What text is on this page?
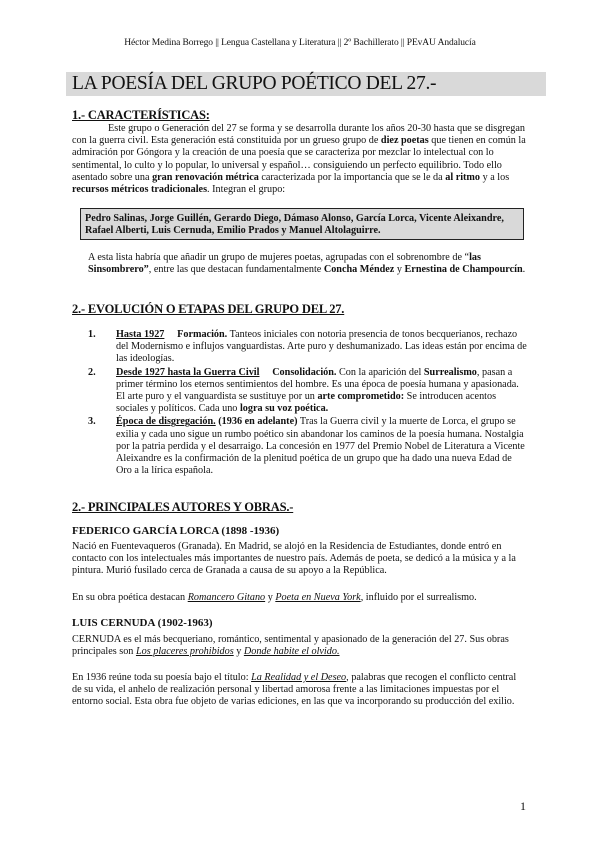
Héctor Medina Borrego || Lengua Castellana y Literatura || 2º Bachillerato || PEvAU Andalucía
LA POESÍA DEL GRUPO POÉTICO DEL 27.-
1.- CARACTERÍSTICAS:
Este grupo o Generación del 27 se forma y se desarrolla durante los años 20-30 hasta que se disgregan con la guerra civil. Esta generación está constituida por un grueso grupo de diez poetas que tienen en común la admiración por Góngora y la creación de una poesía que se caracteriza por mezclar lo intelectual con lo sentimental, lo culto y lo popular, lo universal y español… consiguiendo un perfecto equilibrio. Todo ello asentado sobre una gran renovación métrica caracterizada por la importancia que se le da al ritmo y a los recursos métricos tradicionales. Integran el grupo:
Pedro Salinas, Jorge Guillén, Gerardo Diego, Dámaso Alonso, García Lorca, Vicente Aleixandre, Rafael Alberti, Luis Cernuda, Emilio Prados y Manuel Altolaguirre.
A esta lista habría que añadir un grupo de mujeres poetas, agrupadas con el sobrenombre de “las Sinsombrero”, entre las que destacan fundamentalmente Concha Méndez y Ernestina de Champourcín.
2.- EVOLUCIÓN O ETAPAS DEL GRUPO DEL 27.
1. Hasta 1927 Formación. Tanteos iniciales con notoria presencia de tonos becquerianos, rechazo del Modernismo e influjos vanguardistas. Arte puro y deshumanizado. Las ideas están por encima de las ideologías.
2. Desde 1927 hasta la Guerra Civil Consolidación. Con la aparición del Surrealismo, pasan a primer término los eternos sentimientos del hombre. Es una época de poesía humana y apasionada. El arte puro y el vanguardista se sustituye por un arte comprometido: Se introducen acentos sociales y políticos. Cada uno logra su voz poética.
3. Época de disgregación. (1936 en adelante) Tras la Guerra civil y la muerte de Lorca, el grupo se exilia y cada uno sigue un rumbo poético sin abandonar los caminos de la poesía humana. Nostalgia por la patria perdida y el desarraigo. La concesión en 1977 del Premio Nobel de Literatura a Vicente Aleixandre es la confirmación de la plenitud poética de un grupo que ha dado una nueva Edad de Oro a la lírica española.
2.- PRINCIPALES AUTORES Y OBRAS.-
FEDERICO GARCÍA LORCA (1898 -1936)
Nació en Fuentevaqueros (Granada). En Madrid, se alojó en la Residencia de Estudiantes, donde entró en contacto con los intelectuales más importantes de nuestro país. Además de poeta, se dedicó a la música y a la pintura. Murió fusilado cerca de Granada a causa de su apoyo a la República.
En su obra poética destacan Romancero Gitano y Poeta en Nueva York, influido por el surrealismo.
LUIS CERNUDA (1902-1963)
CERNUDA es el más becqueriano, romántico, sentimental y apasionado de la generación del 27. Sus obras principales son Los placeres prohibidos y Donde habite el olvido.
En 1936 reúne toda su poesía bajo el título: La Realidad y el Deseo, palabras que recogen el conflicto central de su vida, el anhelo de realización personal y libertad amorosa frente a las limitaciones impuestas por el entorno social. Esta obra fue objeto de varias ediciones, en las que va incorporando su producción del exilio.
1
